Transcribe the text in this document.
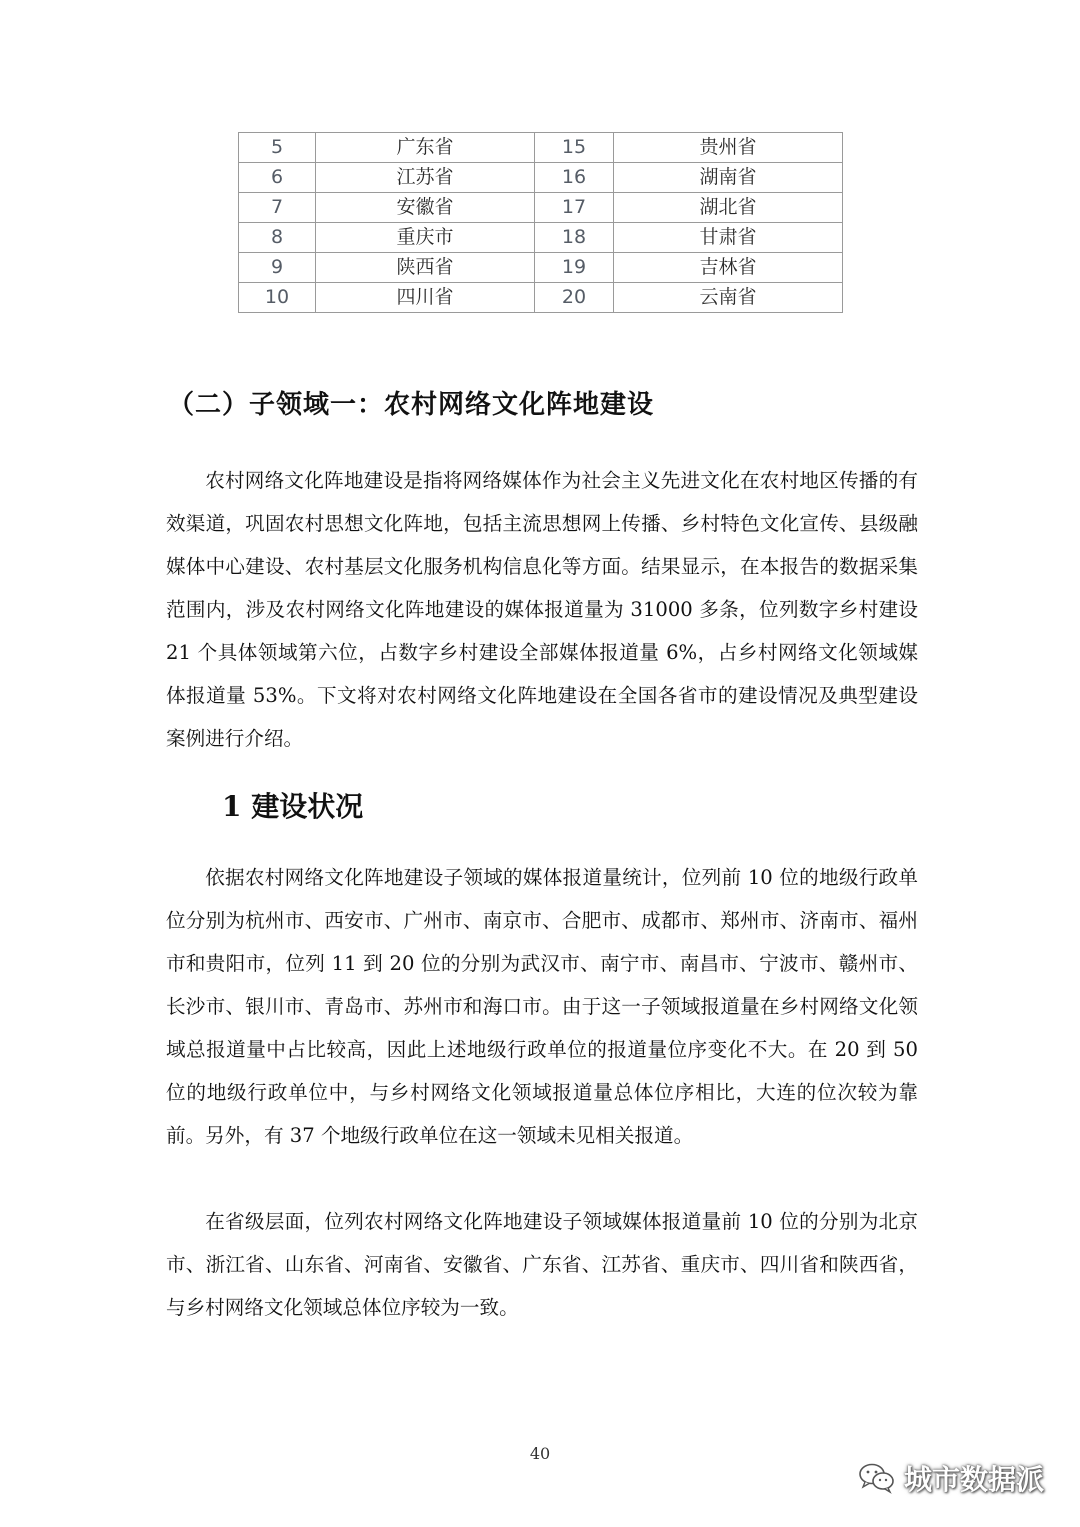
5	广东省	15	贵州省
6	江苏省	16	湖南省
7	安徽省	17	湖北省
8	重庆市	18	甘肃省
9	陕西省	19	吉林省
10	四川省	20	云南省
（二）子领域一：农村网络文化阵地建设

农村网络文化阵地建设是指将网络媒体作为社会主义先进文化在农村地区传播的有效渠道，巩固农村思想文化阵地，包括主流思想网上传播、乡村特色文化宣传、县级融媒体中心建设、农村基层文化服务机构信息化等方面。结果显示，在本报告的数据采集范围内，涉及农村网络文化阵地建设的媒体报道量为 31000 多条，位列数字乡村建设 21 个具体领域第六位，占数字乡村建设全部媒体报道量 6%，占乡村网络文化领域媒体报道量 53%。下文将对农村网络文化阵地建设在全国各省市的建设情况及典型建设案例进行介绍。

1 建设状况

依据农村网络文化阵地建设子领域的媒体报道量统计，位列前 10 位的地级行政单位分别为杭州市、西安市、广州市、南京市、合肥市、成都市、郑州市、济南市、福州市和贵阳市，位列 11 到 20 位的分别为武汉市、南宁市、南昌市、宁波市、赣州市、长沙市、银川市、青岛市、苏州市和海口市。由于这一子领域报道量在乡村网络文化领域总报道量中占比较高，因此上述地级行政单位的报道量位序变化不大。在 20 到 50 位的地级行政单位中，与乡村网络文化领域报道量总体位序相比，大连的位次较为靠前。另外，有 37 个地级行政单位在这一领域未见相关报道。

在省级层面，位列农村网络文化阵地建设子领域媒体报道量前 10 位的分别为北京市、浙江省、山东省、河南省、安徽省、广东省、江苏省、重庆市、四川省和陕西省，与乡村网络文化领域总体位序较为一致。

40
城市数据派
